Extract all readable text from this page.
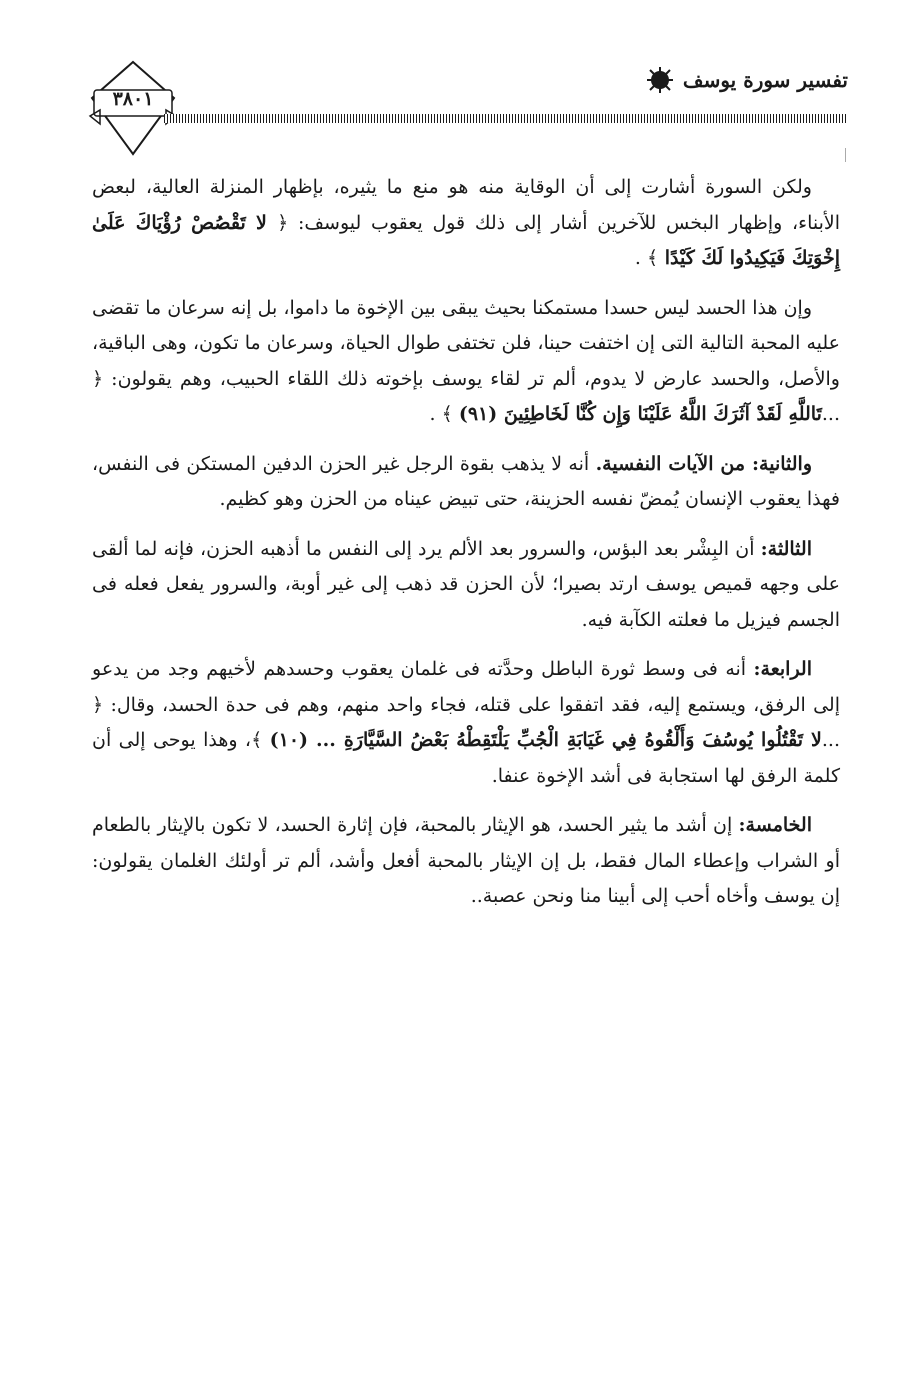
٣٨٠١
تفسير سورة يوسف

ولكن السورة أشارت إلى أن الوقاية منه هو منع ما يثيره، بإظهار المنزلة العالية، لبعض الأبناء، وإظهار البخس للآخرين أشار إلى ذلك قول يعقوب ليوسف: ﴿ لا تَقْصُصْ رُؤْيَاكَ عَلَىٰ إِخْوَتِكَ فَيَكِيدُوا لَكَ كَيْدًا ﴾ .

وإن هذا الحسد ليس حسدا مستمكنا بحيث يبقى بين الإخوة ما داموا، بل إنه سرعان ما تقضى عليه المحبة التالية التى إن اختفت حينا، فلن تختفى طوال الحياة، وسرعان ما تكون، وهى الباقية، والأصل، والحسد عارض لا يدوم، ألم تر لقاء يوسف بإخوته ذلك اللقاء الحبيب، وهم يقولون: ﴿ ...تَاللَّهِ لَقَدْ آثَرَكَ اللَّهُ عَلَيْنَا وَإِن كُنَّا لَخَاطِئِينَ (٩١) ﴾ .

والثانية: من الآيات النفسية. أنه لا يذهب بقوة الرجل غير الحزن الدفين المستكن فى النفس، فهذا يعقوب الإنسان يُمضّ نفسه الحزينة، حتى تبيض عيناه من الحزن وهو كظيم.

الثالثة: أن البِشْر بعد البؤس، والسرور بعد الألم يرد إلى النفس ما أذهبه الحزن، فإنه لما ألقى على وجهه قميص يوسف ارتد بصيرا؛ لأن الحزن قد ذهب إلى غير أوبة، والسرور يفعل فعله فى الجسم فيزيل ما فعلته الكآبة فيه.

الرابعة: أنه فى وسط ثورة الباطل وحدَّته فى غلمان يعقوب وحسدهم لأخيهم وجد من يدعو إلى الرفق، ويستمع إليه، فقد اتفقوا على قتله، فجاء واحد منهم، وهم فى حدة الحسد، وقال: ﴿ ...لا تَقْتُلُوا يُوسُفَ وَأَلْقُوهُ فِي غَيَابَةِ الْجُبِّ يَلْتَقِطْهُ بَعْضُ السَّيَّارَةِ ... (١٠) ﴾، وهذا يوحى إلى أن كلمة الرفق لها استجابة فى أشد الإخوة عنفا.

الخامسة: إن أشد ما يثير الحسد، هو الإيثار بالمحبة، فإن إثارة الحسد، لا تكون بالإيثار بالطعام أو الشراب وإعطاء المال فقط، بل إن الإيثار بالمحبة أفعل وأشد، ألم تر أولئك الغلمان يقولون: إن يوسف وأخاه أحب إلى أبينا منا ونحن عصبة..
